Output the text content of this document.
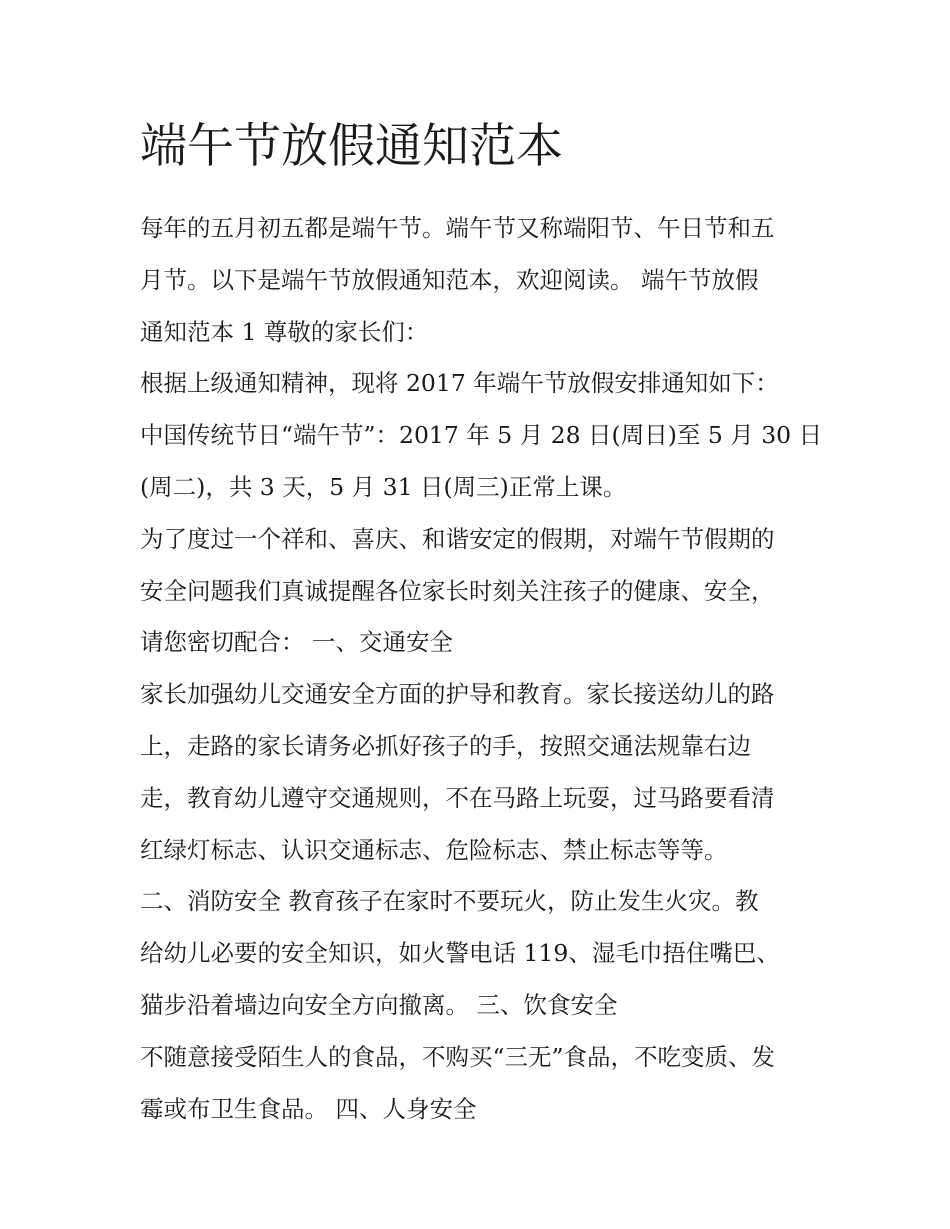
端午节放假通知范本
每年的五月初五都是端午节。端午节又称端阳节、午日节和五
月节。以下是端午节放假通知范本，欢迎阅读。 端午节放假
通知范本 1 尊敬的家长们：
根据上级通知精神，现将 2017 年端午节放假安排通知如下：
中国传统节日“端午节”：2017 年 5 月 28 日(周日)至 5 月 30 日
(周二)，共 3 天，5 月 31 日(周三)正常上课。
为了度过一个祥和、喜庆、和谐安定的假期，对端午节假期的
安全问题我们真诚提醒各位家长时刻关注孩子的健康、安全，
请您密切配合： 一、交通安全
家长加强幼儿交通安全方面的护导和教育。家长接送幼儿的路
上，走路的家长请务必抓好孩子的手，按照交通法规靠右边
走，教育幼儿遵守交通规则，不在马路上玩耍，过马路要看清
红绿灯标志、认识交通标志、危险标志、禁止标志等等。
二、消防安全 教育孩子在家时不要玩火，防止发生火灾。教
给幼儿必要的安全知识，如火警电话 119、湿毛巾捂住嘴巴、
猫步沿着墙边向安全方向撤离。 三、饮食安全
不随意接受陌生人的食品，不购买“三无”食品，不吃变质、发
霉或布卫生食品。 四、人身安全
